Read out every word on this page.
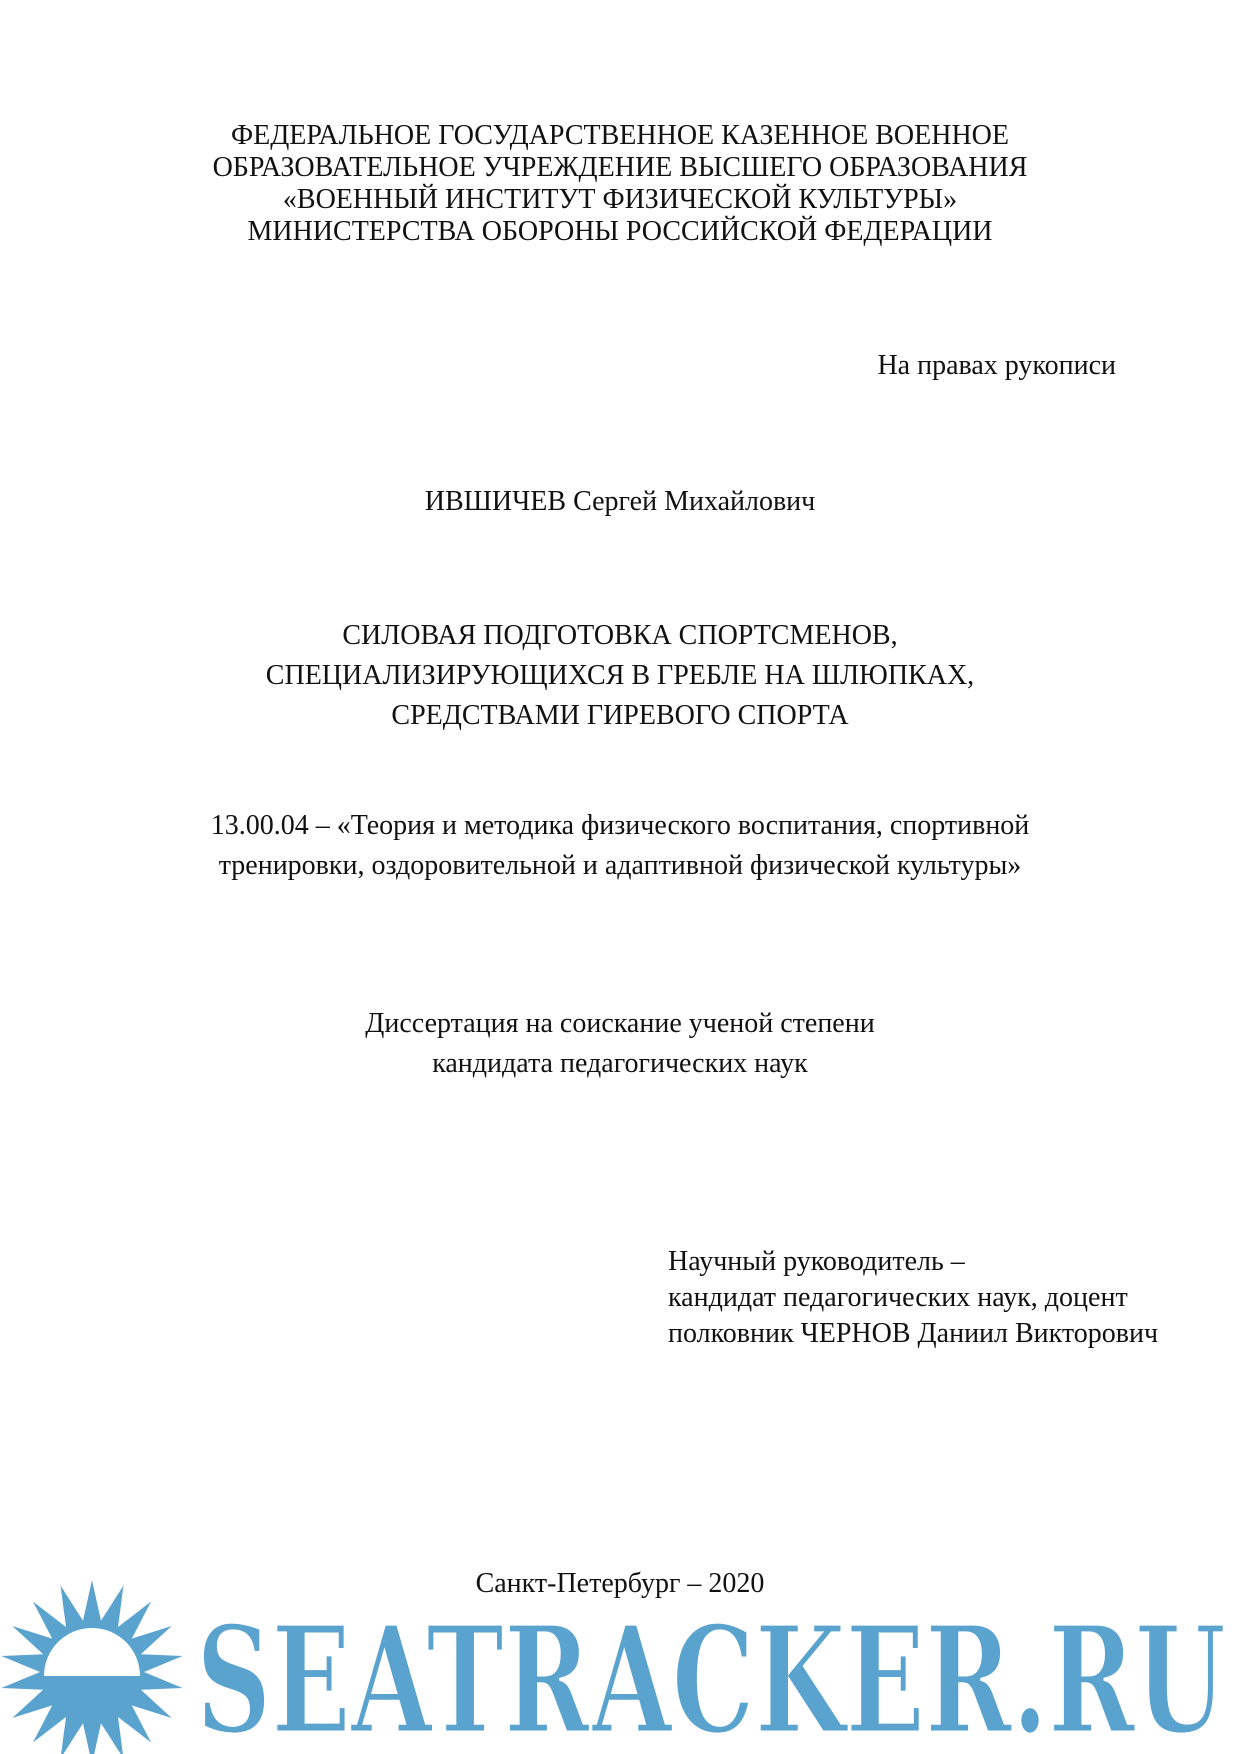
ФЕДЕРАЛЬНОЕ ГОСУДАРСТВЕННОЕ КАЗЕННОЕ ВОЕННОЕ
ОБРАЗОВАТЕЛЬНОЕ УЧРЕЖДЕНИЕ ВЫСШЕГО ОБРАЗОВАНИЯ
«ВОЕННЫЙ ИНСТИТУТ ФИЗИЧЕСКОЙ КУЛЬТУРЫ»
МИНИСТЕРСТВА ОБОРОНЫ РОССИЙСКОЙ ФЕДЕРАЦИИ
На правах рукописи
ИВШИЧЕВ Сергей Михайлович
СИЛОВАЯ ПОДГОТОВКА СПОРТСМЕНОВ,
СПЕЦИАЛИЗИРУЮЩИХСЯ В ГРЕБЛЕ НА ШЛЮПКАХ,
СРЕДСТВАМИ ГИРЕВОГО СПОРТА
13.00.04 – «Теория и методика физического воспитания, спортивной
тренировки, оздоровительной и адаптивной физической культуры»
Диссертация на соискание ученой степени
кандидата педагогических наук
Научный руководитель –
кандидат педагогических наук, доцент
полковник ЧЕРНОВ Даниил Викторович
Санкт-Петербург – 2020
SEATRACKER.RU
